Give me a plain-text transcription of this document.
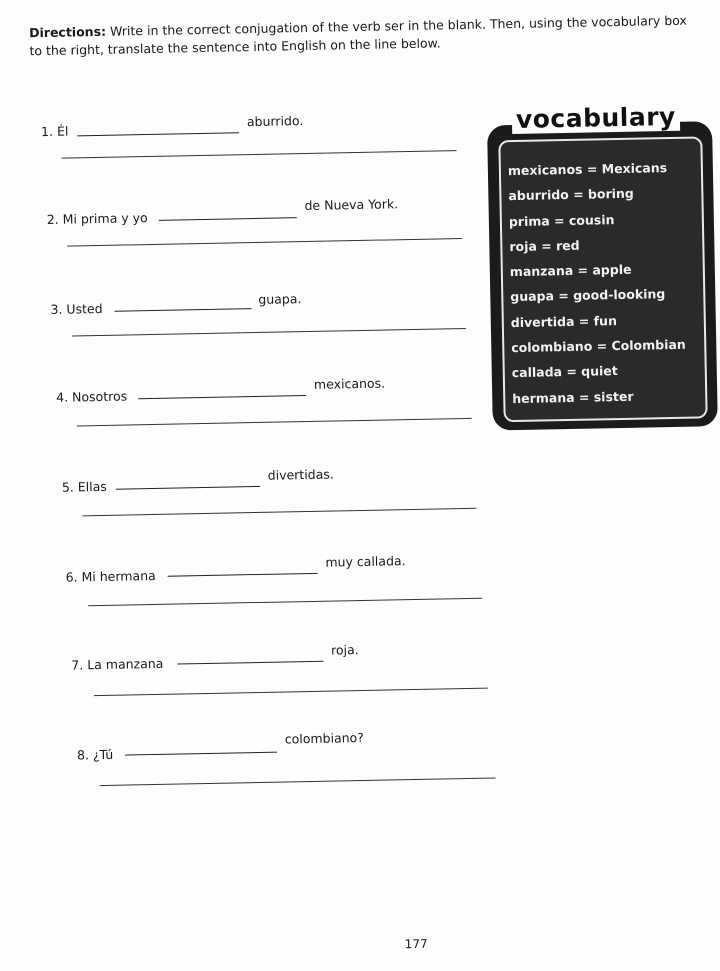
Directions: Write in the correct conjugation of the verb ser in the blank. Then, using the vocabulary box to the right, translate the sentence into English on the line below.
1. Él
aburrido.
2. Mi prima y yo
de Nueva York.
3. Usted
guapa.
4. Nosotros
mexicanos.
5. Ellas
divertidas.
6. Mi hermana
muy callada.
7. La manzana
roja.
8. ¿Tú
colombiano?
vocabulary
mexicanos = Mexicans
aburrido = boring
prima = cousin
roja = red
manzana = apple
guapa = good-looking
divertida = fun
colombiano = Colombian
callada = quiet
hermana = sister
177
